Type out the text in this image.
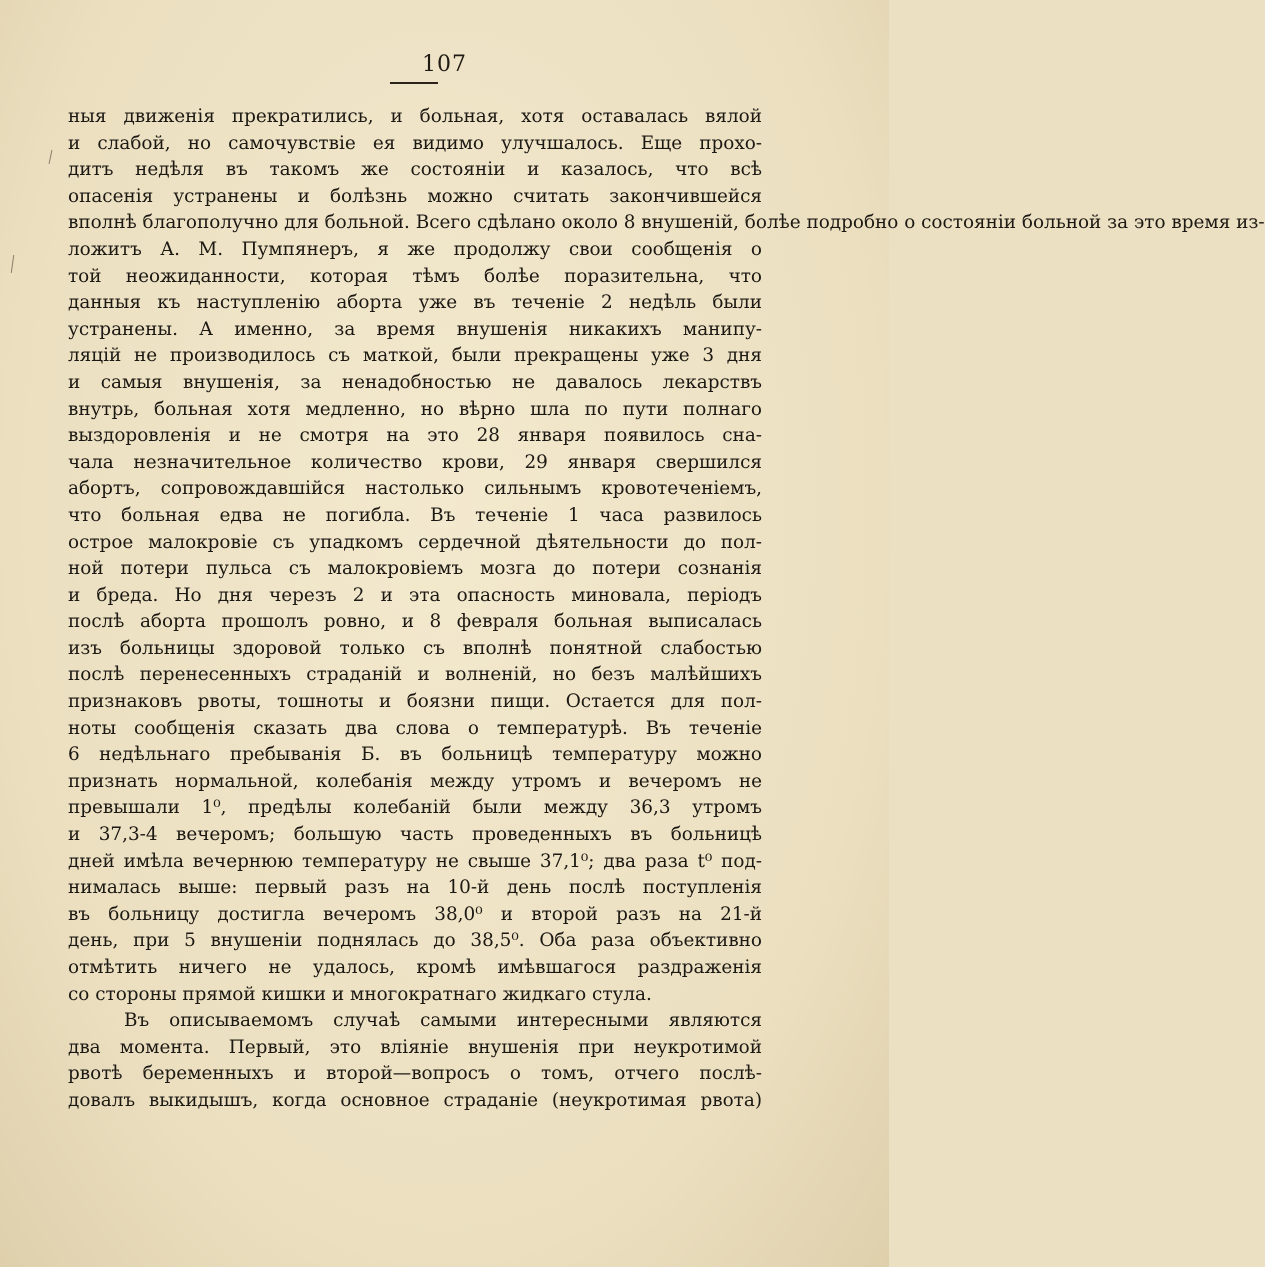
107
ныя движенія прекратились, и больная, хотя оставалась вялой
и слабой, но самочувствіе ея видимо улучшалось. Еще прохо-
дитъ недѣля въ такомъ же состояніи и казалось, что всѣ
опасенія устранены и болѣзнь можно считать закончившейся
вполнѣ благополучно для больной. Всего сдѣлано около 8 внушеній, болѣе подробно о состояніи больной за это время из-
ложитъ А. М. Пумпянеръ, я же продолжу свои сообщенія о
той неожиданности, которая тѣмъ болѣе поразительна, что
данныя къ наступленію аборта уже въ теченіе 2 недѣль были
устранены. А именно, за время внушенія никакихъ манипу-
ляцій не производилось съ маткой, были прекращены уже 3 дня
и самыя внушенія, за ненадобностью не давалось лекарствъ
внутрь, больная хотя медленно, но вѣрно шла по пути полнаго
выздоровленія и не смотря на это 28 января появилось сна-
чала незначительное количество крови, 29 января свершился
абортъ, сопровождавшійся настолько сильнымъ кровотеченіемъ,
что больная едва не погибла. Въ теченіе 1 часа развилось
острое малокровіе съ упадкомъ сердечной дѣятельности до пол-
ной потери пульса съ малокровіемъ мозга до потери сознанія
и бреда. Но дня черезъ 2 и эта опасность миновала, періодъ
послѣ аборта прошолъ ровно, и 8 февраля больная выписалась
изъ больницы здоровой только съ вполнѣ понятной слабостью
послѣ перенесенныхъ страданій и волненій, но безъ малѣйшихъ
признаковъ рвоты, тошноты и боязни пищи. Остается для пол-
ноты сообщенія сказать два слова о температурѣ. Въ теченіе
6 недѣльнаго пребыванія Б. въ больницѣ температуру можно
признать нормальной, колебанія между утромъ и вечеромъ не
превышали 1⁰, предѣлы колебаній были между 36,3 утромъ
и 37,3-4 вечеромъ; большую часть проведенныхъ въ больницѣ
дней имѣла вечернюю температуру не свыше 37,1⁰; два раза t⁰ под-
нималась выше: первый разъ на 10-й день послѣ поступленія
въ больницу достигла вечеромъ 38,0⁰ и второй разъ на 21-й
день, при 5 внушеніи поднялась до 38,5⁰. Оба раза объективно
отмѣтить ничего не удалось, кромѣ имѣвшагося раздраженія
со стороны прямой кишки и многократнаго жидкаго стула.
Въ описываемомъ случаѣ самыми интересными являются
два момента. Первый, это вліяніе внушенія при неукротимой
рвотѣ беременныхъ и второй—вопросъ о томъ, отчего послѣ-
довалъ выкидышъ, когда основное страданіе (неукротимая рвота)
